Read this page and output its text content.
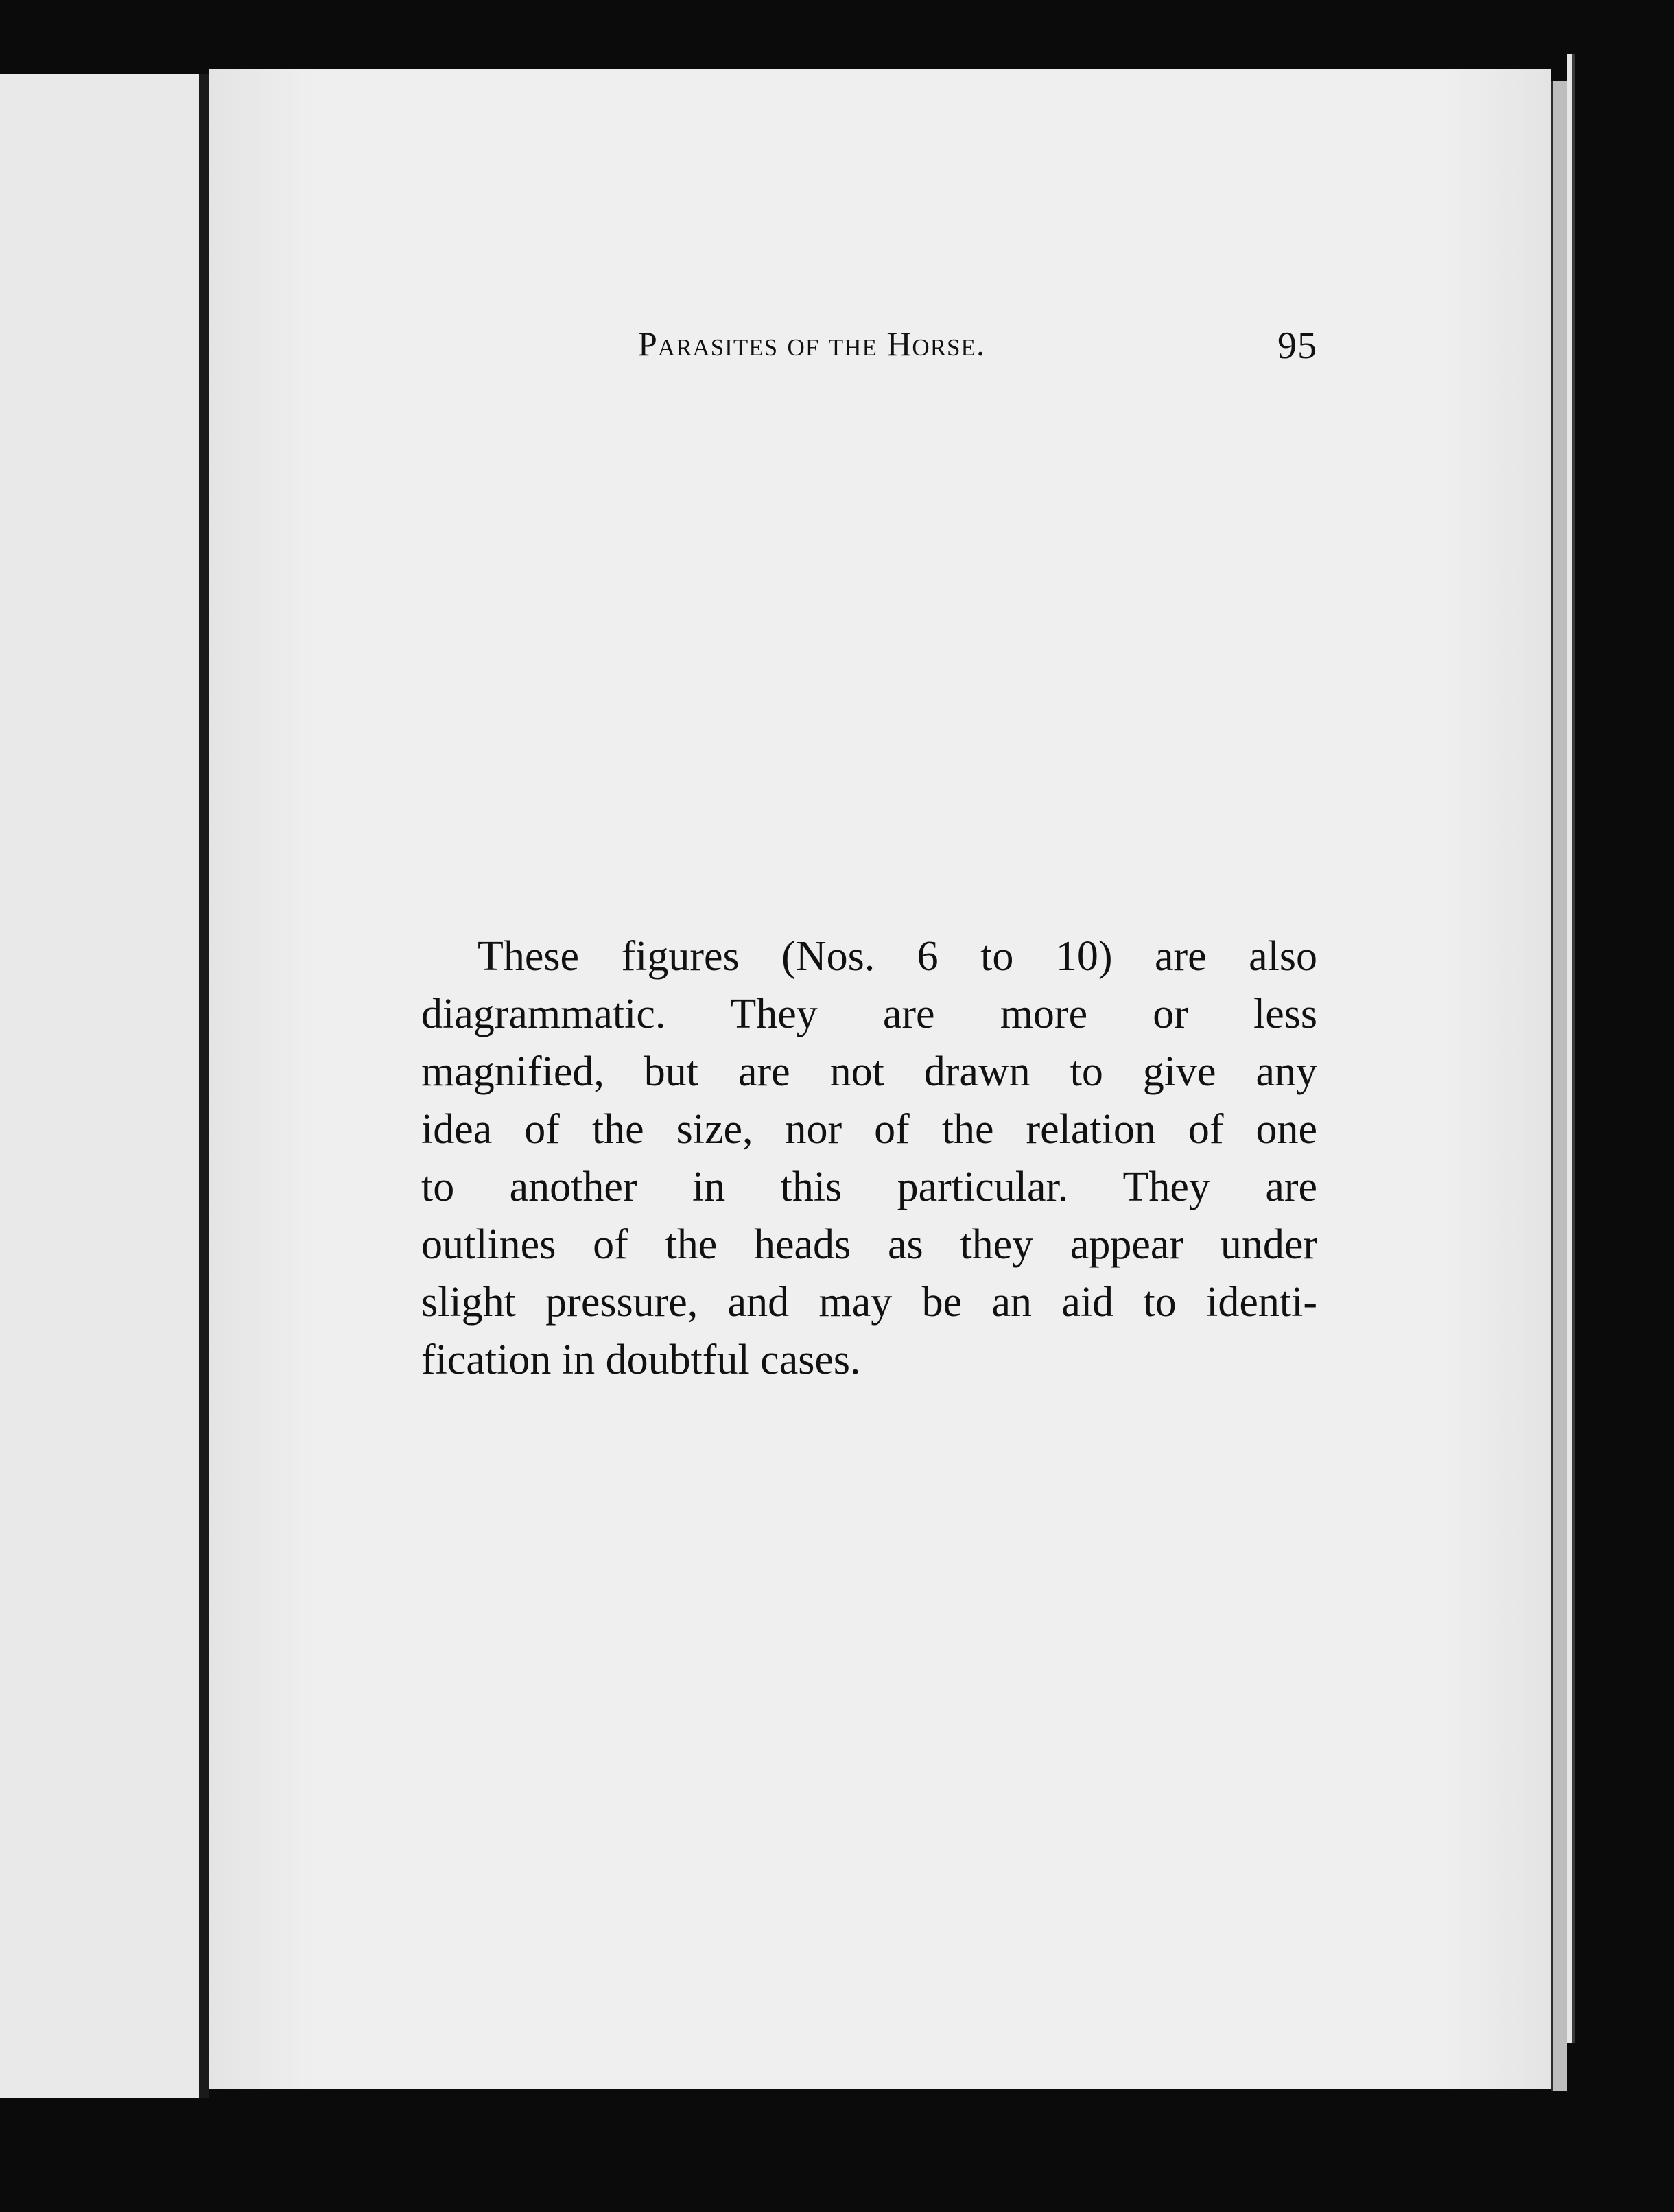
Parasites of the Horse.	95
These figures (Nos. 6 to 10) are also
diagrammatic. They are more or less
magnified, but are not drawn to give any
idea of the size, nor of the relation of one
to another in this particular. They are
outlines of the heads as they appear under
slight pressure, and may be an aid to identi-
fication in doubtful cases.
